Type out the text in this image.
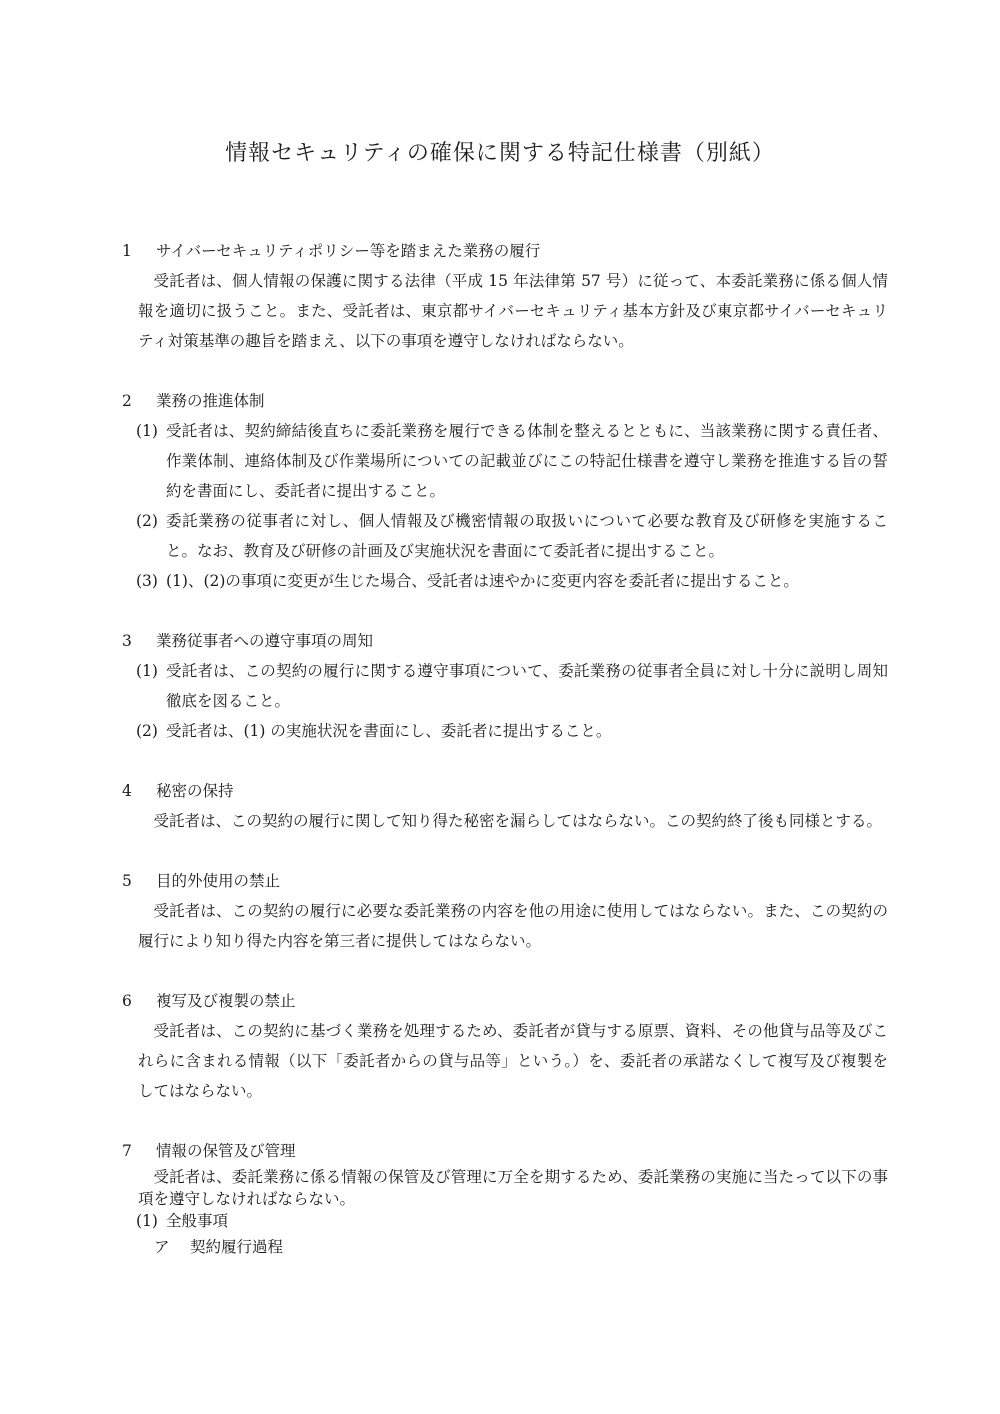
情報セキュリティの確保に関する特記仕様書（別紙）
1 サイバーセキュリティポリシー等を踏まえた業務の履行
受託者は、個人情報の保護に関する法律（平成 15 年法律第 57 号）に従って、本委託業務に係る個人情報を適切に扱うこと。また、受託者は、東京都サイバーセキュリティ基本方針及び東京都サイバーセキュリティ対策基準の趣旨を踏まえ、以下の事項を遵守しなければならない。
2 業務の推進体制
(1) 受託者は、契約締結後直ちに委託業務を履行できる体制を整えるとともに、当該業務に関する責任者、作業体制、連絡体制及び作業場所についての記載並びにこの特記仕様書を遵守し業務を推進する旨の誓約を書面にし、委託者に提出すること。
(2) 委託業務の従事者に対し、個人情報及び機密情報の取扱いについて必要な教育及び研修を実施すること。なお、教育及び研修の計画及び実施状況を書面にて委託者に提出すること。
(3) (1)、(2)の事項に変更が生じた場合、受託者は速やかに変更内容を委託者に提出すること。
3 業務従事者への遵守事項の周知
(1) 受託者は、この契約の履行に関する遵守事項について、委託業務の従事者全員に対し十分に説明し周知徹底を図ること。
(2) 受託者は、(1) の実施状況を書面にし、委託者に提出すること。
4 秘密の保持
受託者は、この契約の履行に関して知り得た秘密を漏らしてはならない。この契約終了後も同様とする。
5 目的外使用の禁止
受託者は、この契約の履行に必要な委託業務の内容を他の用途に使用してはならない。また、この契約の履行により知り得た内容を第三者に提供してはならない。
6 複写及び複製の禁止
受託者は、この契約に基づく業務を処理するため、委託者が貸与する原票、資料、その他貸与品等及びこれらに含まれる情報（以下「委託者からの貸与品等」という。）を、委託者の承諾なくして複写及び複製をしてはならない。
7 情報の保管及び管理
受託者は、委託業務に係る情報の保管及び管理に万全を期するため、委託業務の実施に当たって以下の事項を遵守しなければならない。
(1) 全般事項
ア 契約履行過程
